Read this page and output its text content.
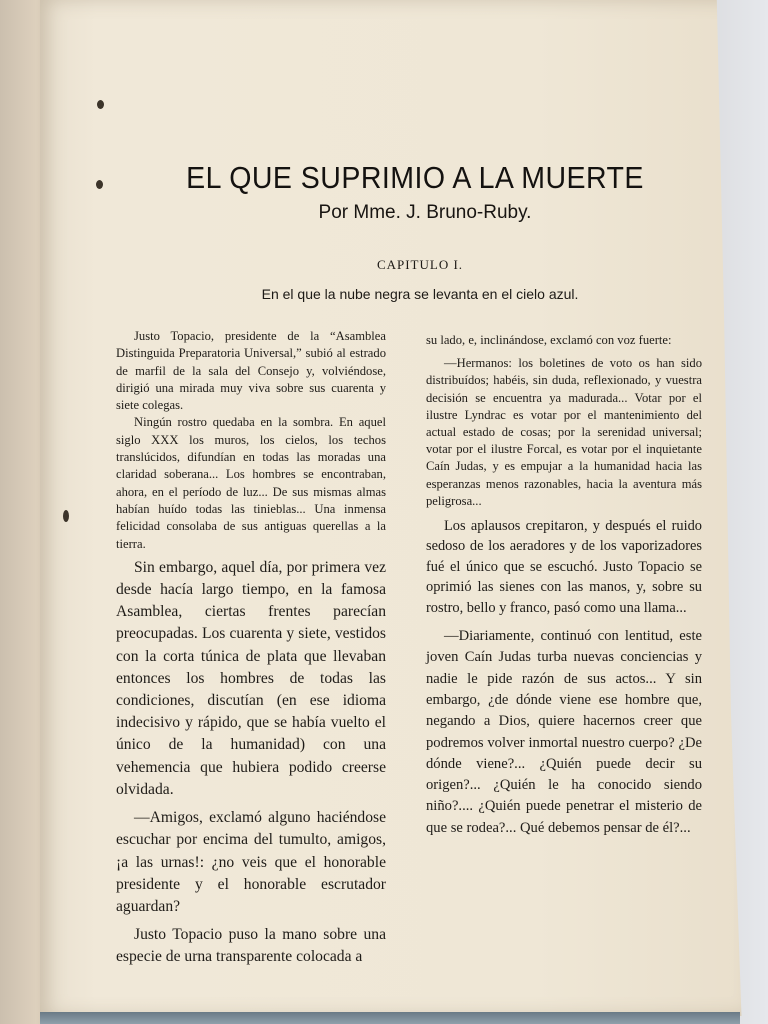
EL QUE SUPRIMIO A LA MUERTE
Por Mme. J. Bruno-Ruby.
CAPITULO I.
En el que la nube negra se levanta en el cielo azul.

Justo Topacio, presidente de la “Asamblea Distinguida Preparatoria Universal,” subió al estrado de marfil de la sala del Consejo y, volviéndose, dirigió una mirada muy viva sobre sus cuarenta y siete colegas.

Ningún rostro quedaba en la sombra. En aquel siglo XXX los muros, los cielos, los techos translúcidos, difundían en todas las moradas una claridad soberana... Los hombres se encontraban, ahora, en el período de luz... De sus mismas almas habían huído todas las tinieblas... Una inmensa felicidad consolaba de sus antiguas querellas a la tierra.

Sin embargo, aquel día, por primera vez desde hacía largo tiempo, en la famosa Asamblea, ciertas frentes parecían preocupadas. Los cuarenta y siete, vestidos con la corta túnica de plata que llevaban entonces los hombres de todas las condiciones, discutían (en ese idioma indecisivo y rápido, que se había vuelto el único de la humanidad) con una vehemencia que hubiera podido creerse olvidada.

—Amigos, exclamó alguno haciéndose escuchar por encima del tumulto, amigos, ¡a las urnas!: ¿no veis que el honorable presidente y el honorable escrutador aguardan?

Justo Topacio puso la mano sobre una especie de urna transparente colocada a

su lado, e, inclinándose, exclamó con voz fuerte:

—Hermanos: los boletines de voto os han sido distribuídos; habéis, sin duda, reflexionado, y vuestra decisión se encuentra ya madurada... Votar por el ilustre Lyndrac es votar por el mantenimiento del actual estado de cosas; por la serenidad universal; votar por el ilustre Forcal, es votar por el inquietante Caín Judas, y es empujar a la humanidad hacia las esperanzas menos razonables, hacia la aventura más peligrosa...

Los aplausos crepitaron, y después el ruido sedoso de los aeradores y de los vaporizadores fué el único que se escuchó. Justo Topacio se oprimió las sienes con las manos, y, sobre su rostro, bello y franco, pasó como una llama...

—Diariamente, continuó con lentitud, este joven Caín Judas turba nuevas conciencias y nadie le pide razón de sus actos... Y sin embargo, ¿de dónde viene ese hombre que, negando a Dios, quiere hacernos creer que podremos volver inmortal nuestro cuerpo? ¿De dónde viene?... ¿Quién puede decir su origen?... ¿Quién le ha conocido siendo niño?.... ¿Quién puede penetrar el misterio de que se rodea?... Qué debemos pensar de él?...
